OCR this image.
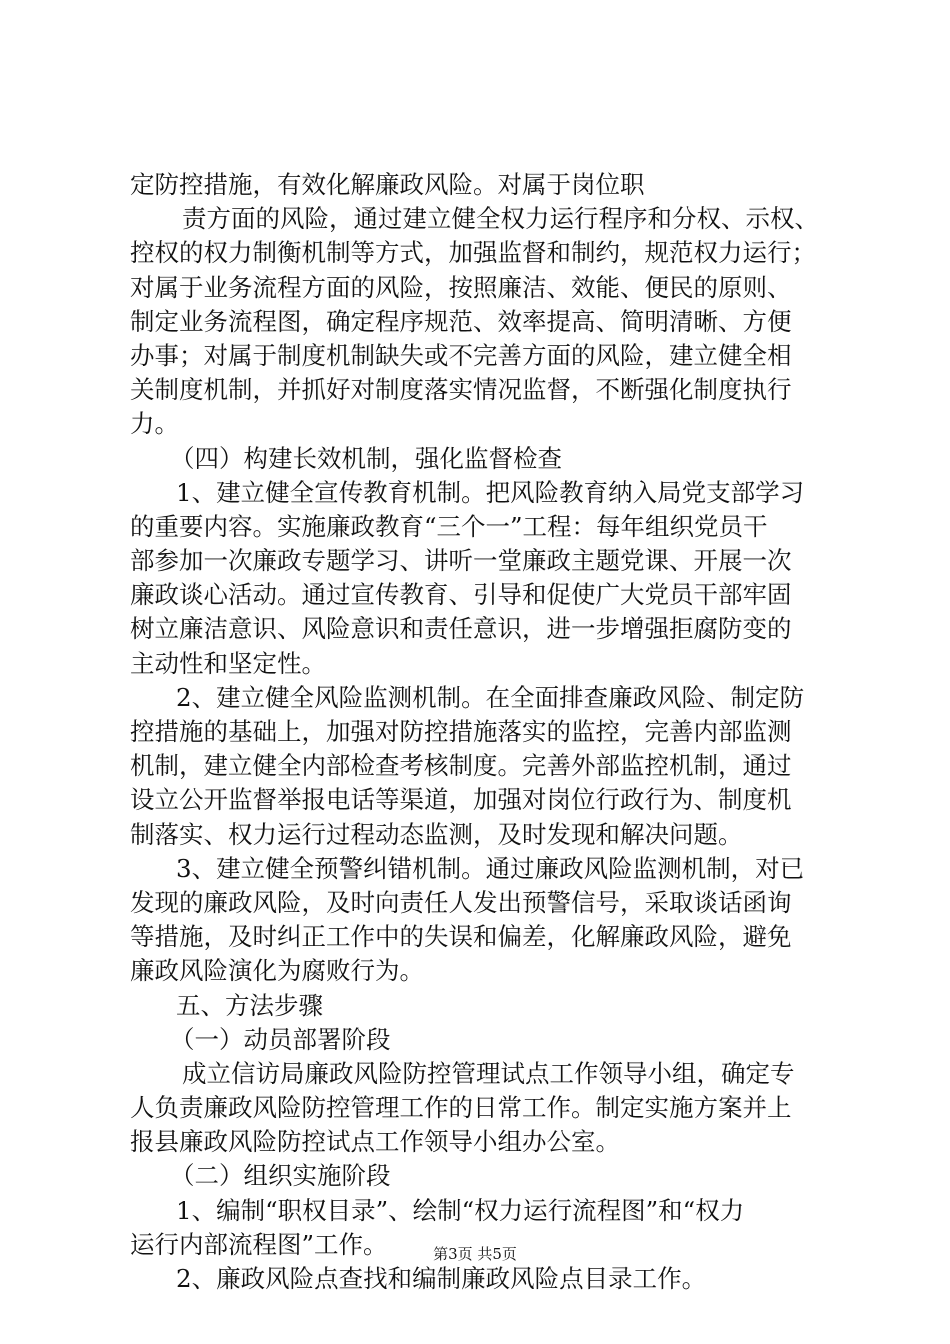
定防控措施，有效化解廉政风险。对属于岗位职
责方面的风险，通过建立健全权力运行程序和分权、示权、
控权的权力制衡机制等方式，加强监督和制约，规范权力运行；
对属于业务流程方面的风险，按照廉洁、效能、便民的原则、
制定业务流程图，确定程序规范、效率提高、简明清晰、方便
办事；对属于制度机制缺失或不完善方面的风险，建立健全相
关制度机制，并抓好对制度落实情况监督，不断强化制度执行
力。
（四）构建长效机制，强化监督检查
1、建立健全宣传教育机制。把风险教育纳入局党支部学习
的重要内容。实施廉政教育“三个一”工程：每年组织党员干
部参加一次廉政专题学习、讲听一堂廉政主题党课、开展一次
廉政谈心活动。通过宣传教育、引导和促使广大党员干部牢固
树立廉洁意识、风险意识和责任意识，进一步增强拒腐防变的
主动性和坚定性。
2、建立健全风险监测机制。在全面排查廉政风险、制定防
控措施的基础上，加强对防控措施落实的监控，完善内部监测
机制，建立健全内部检查考核制度。完善外部监控机制，通过
设立公开监督举报电话等渠道，加强对岗位行政行为、制度机
制落实、权力运行过程动态监测，及时发现和解决问题。
3、建立健全预警纠错机制。通过廉政风险监测机制，对已
发现的廉政风险，及时向责任人发出预警信号，采取谈话函询
等措施，及时纠正工作中的失误和偏差，化解廉政风险，避免
廉政风险演化为腐败行为。
五、方法步骤
（一）动员部署阶段
成立信访局廉政风险防控管理试点工作领导小组，确定专
人负责廉政风险防控管理工作的日常工作。制定实施方案并上
报县廉政风险防控试点工作领导小组办公室。
（二）组织实施阶段
1、编制“职权目录”、绘制“权力运行流程图”和“权力
运行内部流程图”工作。
2、廉政风险点查找和编制廉政风险点目录工作。
第3页 共5页
